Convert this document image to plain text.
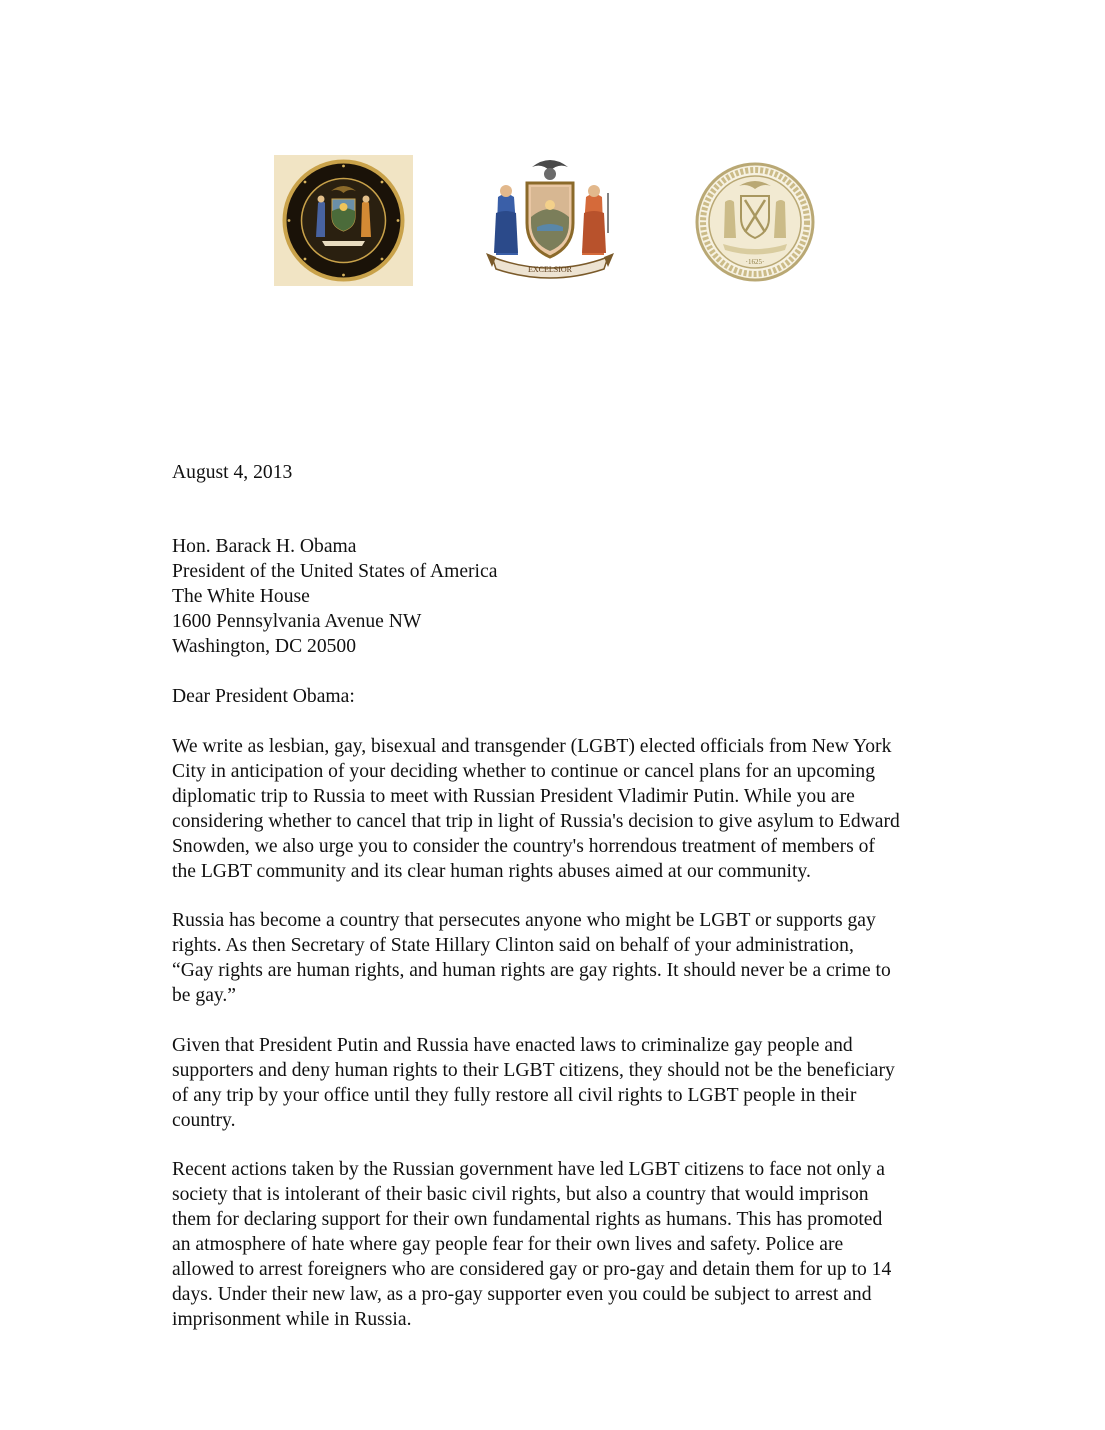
EXCELSIOR
·1625·
August 4, 2013
Hon. Barack H. Obama
President of the United States of America
The White House
1600 Pennsylvania Avenue NW
Washington, DC 20500
Dear President Obama:
We write as lesbian, gay, bisexual and transgender (LGBT) elected officials from New York
City in anticipation of your deciding whether to continue or cancel plans for an upcoming
diplomatic trip to Russia to meet with Russian President Vladimir Putin. While you are
considering whether to cancel that trip in light of Russia's decision to give asylum to Edward
Snowden, we also urge you to consider the country's horrendous treatment of members of
the LGBT community and its clear human rights abuses aimed at our community.
Russia has become a country that persecutes anyone who might be LGBT or supports gay
rights. As then Secretary of State Hillary Clinton said on behalf of your administration,
“Gay rights are human rights, and human rights are gay rights. It should never be a crime to
be gay.”
Given that President Putin and Russia have enacted laws to criminalize gay people and
supporters and deny human rights to their LGBT citizens, they should not be the beneficiary
of any trip by your office until they fully restore all civil rights to LGBT people in their
country.
Recent actions taken by the Russian government have led LGBT citizens to face not only a
society that is intolerant of their basic civil rights, but also a country that would imprison
them for declaring support for their own fundamental rights as humans. This has promoted
an atmosphere of hate where gay people fear for their own lives and safety. Police are
allowed to arrest foreigners who are considered gay or pro-gay and detain them for up to 14
days. Under their new law, as a pro-gay supporter even you could be subject to arrest and
imprisonment while in Russia.
